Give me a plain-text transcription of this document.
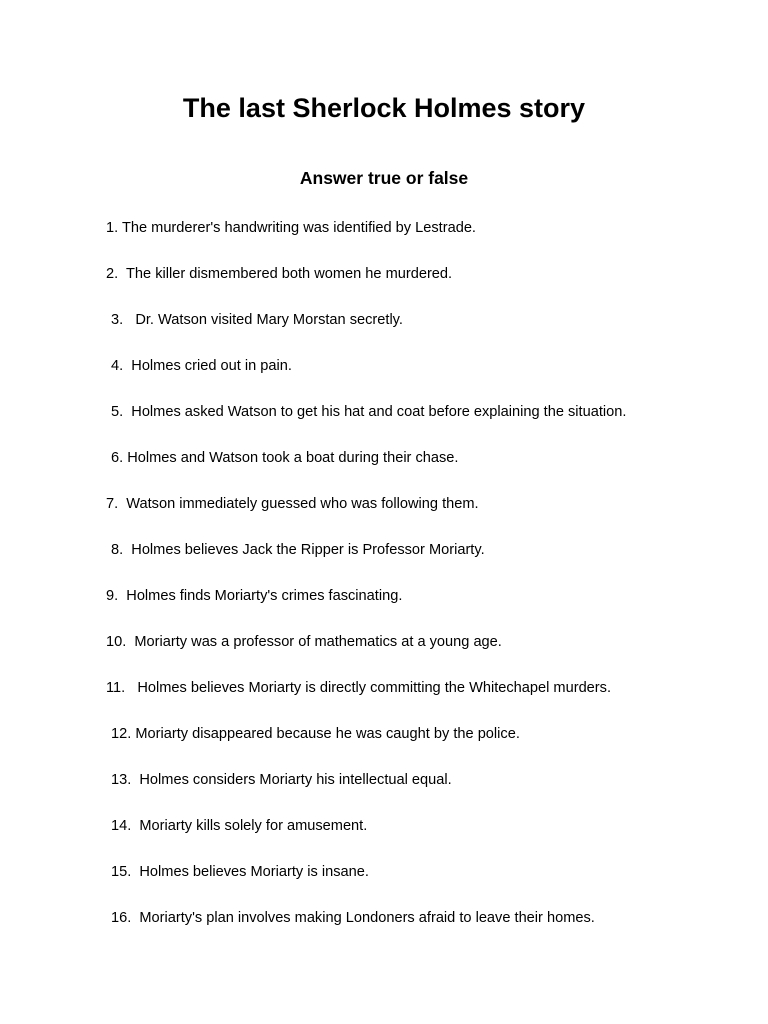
The last Sherlock Holmes story
Answer true or false

1. The murderer's handwriting was identified by Lestrade.

2.  The killer dismembered both women he murdered.

3.   Dr. Watson visited Mary Morstan secretly.

4.  Holmes cried out in pain.

5.  Holmes asked Watson to get his hat and coat before explaining the situation.

6. Holmes and Watson took a boat during their chase.

7.  Watson immediately guessed who was following them.

8.  Holmes believes Jack the Ripper is Professor Moriarty.

9.  Holmes finds Moriarty's crimes fascinating.

10.  Moriarty was a professor of mathematics at a young age.

11.   Holmes believes Moriarty is directly committing the Whitechapel murders.

12. Moriarty disappeared because he was caught by the police.

13.  Holmes considers Moriarty his intellectual equal.

14.  Moriarty kills solely for amusement.

15.  Holmes believes Moriarty is insane.

16.  Moriarty's plan involves making Londoners afraid to leave their homes.
